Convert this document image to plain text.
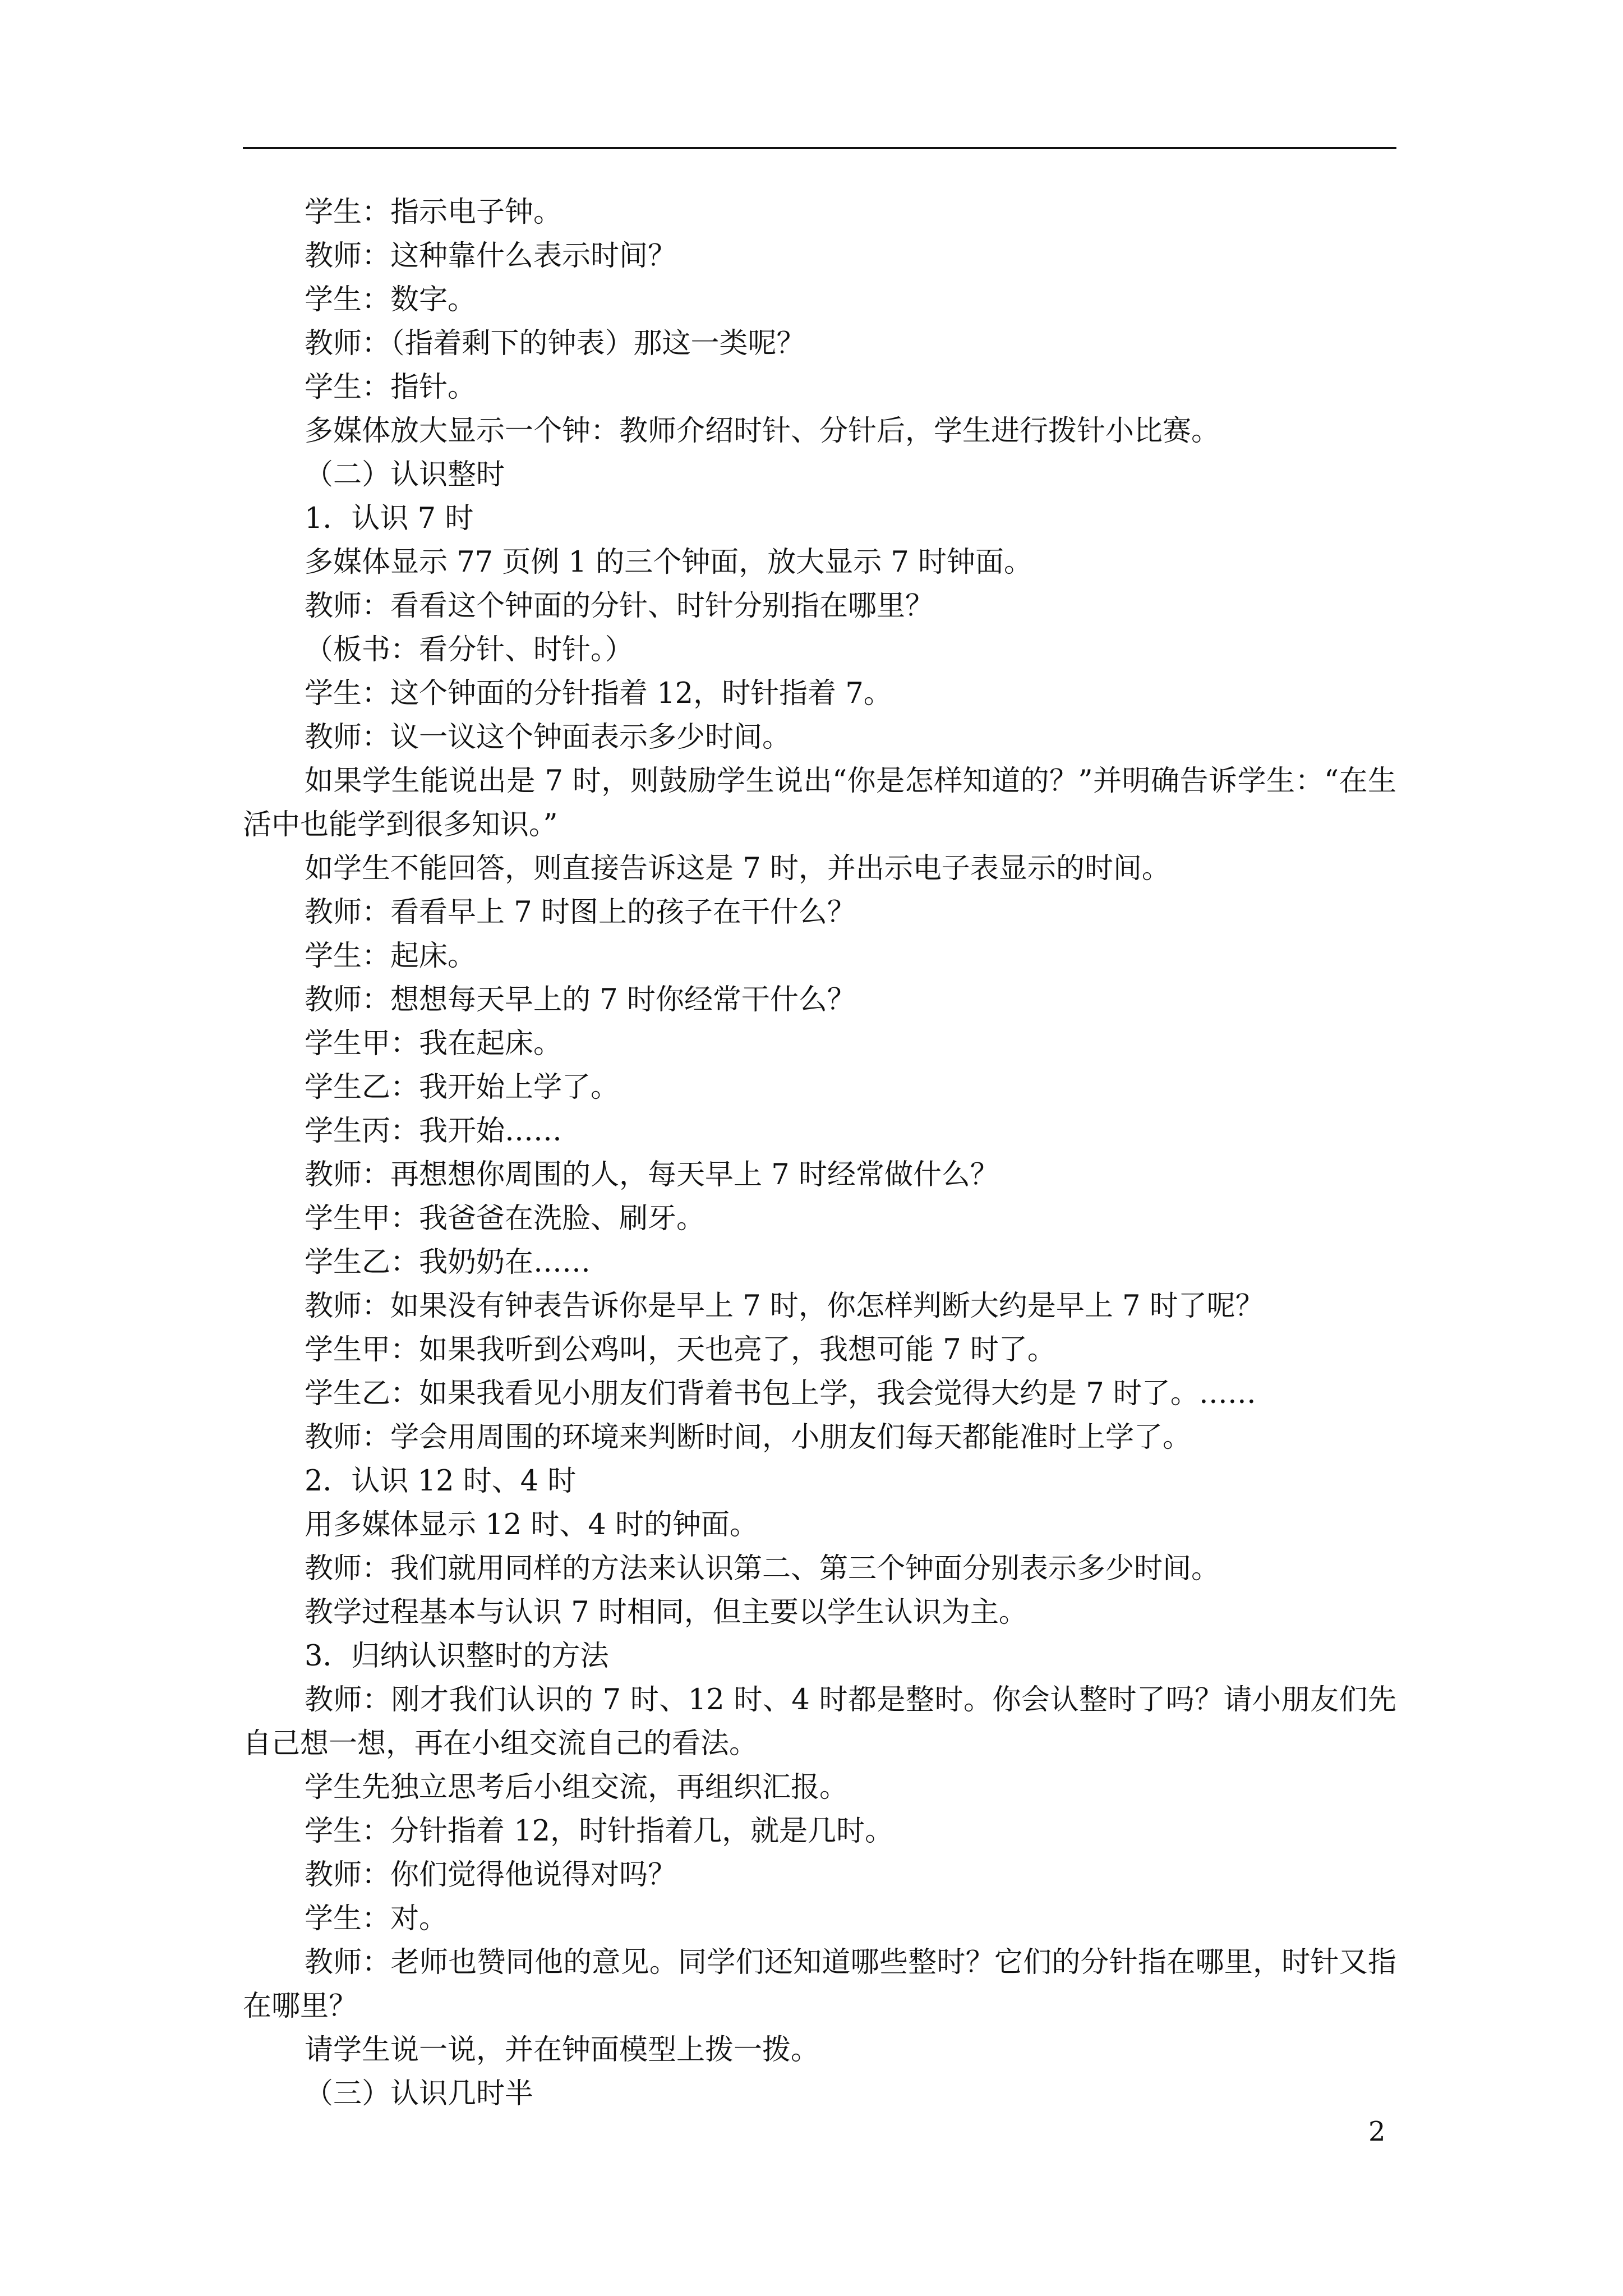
学生：指示电子钟。
教师：这种靠什么表示时间？
学生：数字。
教师：（指着剩下的钟表）那这一类呢？
学生：指针。
多媒体放大显示一个钟：教师介绍时针、分针后，学生进行拨针小比赛。
（二）认识整时
1．认识 7 时
多媒体显示 77 页例 1 的三个钟面，放大显示 7 时钟面。
教师：看看这个钟面的分针、时针分别指在哪里？
（板书：看分针、时针。）
学生：这个钟面的分针指着 12，时针指着 7。
教师：议一议这个钟面表示多少时间。
如果学生能说出是 7 时，则鼓励学生说出“你是怎样知道的？”并明确告诉学生：“在生活中也能学到很多知识。”
如学生不能回答，则直接告诉这是 7 时，并出示电子表显示的时间。
教师：看看早上 7 时图上的孩子在干什么？
学生：起床。
教师：想想每天早上的 7 时你经常干什么？
学生甲：我在起床。
学生乙：我开始上学了。
学生丙：我开始……
教师：再想想你周围的人，每天早上 7 时经常做什么？
学生甲：我爸爸在洗脸、刷牙。
学生乙：我奶奶在……
教师：如果没有钟表告诉你是早上 7 时，你怎样判断大约是早上 7 时了呢？
学生甲：如果我听到公鸡叫，天也亮了，我想可能 7 时了。
学生乙：如果我看见小朋友们背着书包上学，我会觉得大约是 7 时了。……
教师：学会用周围的环境来判断时间，小朋友们每天都能准时上学了。
2．认识 12 时、4 时
用多媒体显示 12 时、4 时的钟面。
教师：我们就用同样的方法来认识第二、第三个钟面分别表示多少时间。
教学过程基本与认识 7 时相同，但主要以学生认识为主。
3．归纳认识整时的方法
教师：刚才我们认识的 7 时、12 时、4 时都是整时。你会认整时了吗？请小朋友们先自己想一想，再在小组交流自己的看法。
学生先独立思考后小组交流，再组织汇报。
学生：分针指着 12，时针指着几，就是几时。
教师：你们觉得他说得对吗？
学生：对。
教师：老师也赞同他的意见。同学们还知道哪些整时？它们的分针指在哪里，时针又指在哪里？
请学生说一说，并在钟面模型上拨一拨。
（三）认识几时半
2
